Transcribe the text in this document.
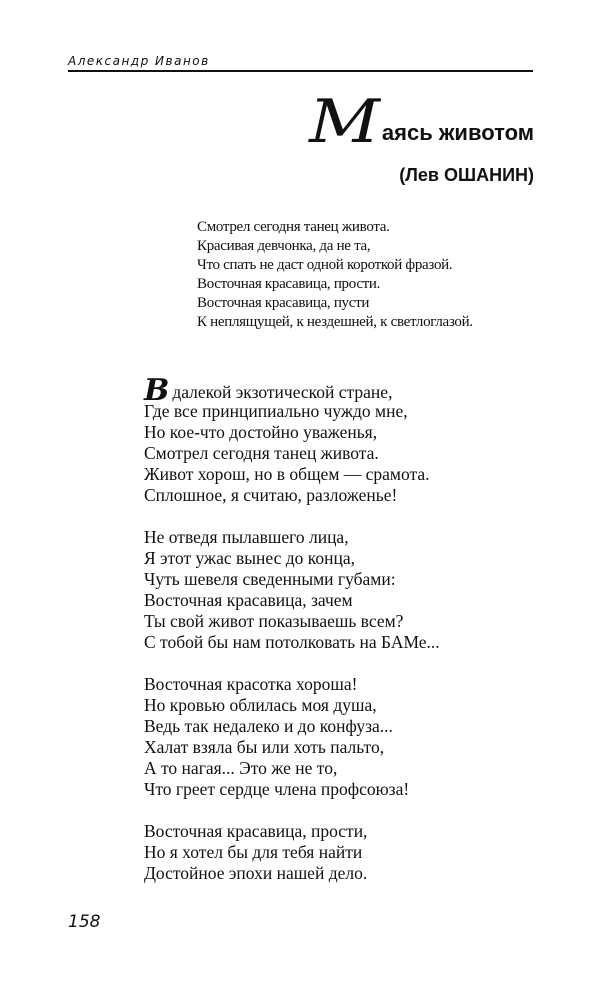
Александр Иванов
М аясь животом
(Лев ОШАНИН)
Смотрел сегодня танец живота.
Красивая девчонка, да не та,
Что спать не даст одной короткой фразой.
Восточная красавица, прости.
Восточная красавица, пусти
К неплящущей, к нездешней, к светлоглазой.
Вдалекой экзотической стране,
Где все принципиально чуждо мне,
Но кое-что достойно уваженья,
Смотрел сегодня танец живота.
Живот хорош, но в общем — срамота.
Сплошное, я считаю, разложенье!
Не отведя пылавшего лица,
Я этот ужас вынес до конца,
Чуть шевеля сведенными губами:
Восточная красавица, зачем
Ты свой живот показываешь всем?
С тобой бы нам потолковать на БАМе...
Восточная красотка хороша!
Но кровью облилась моя душа,
Ведь так недалеко и до конфуза...
Халат взяла бы или хоть пальто,
А то нагая... Это же не то,
Что греет сердце члена профсоюза!
Восточная красавица, прости,
Но я хотел бы для тебя найти
Достойное эпохи нашей дело.
158
